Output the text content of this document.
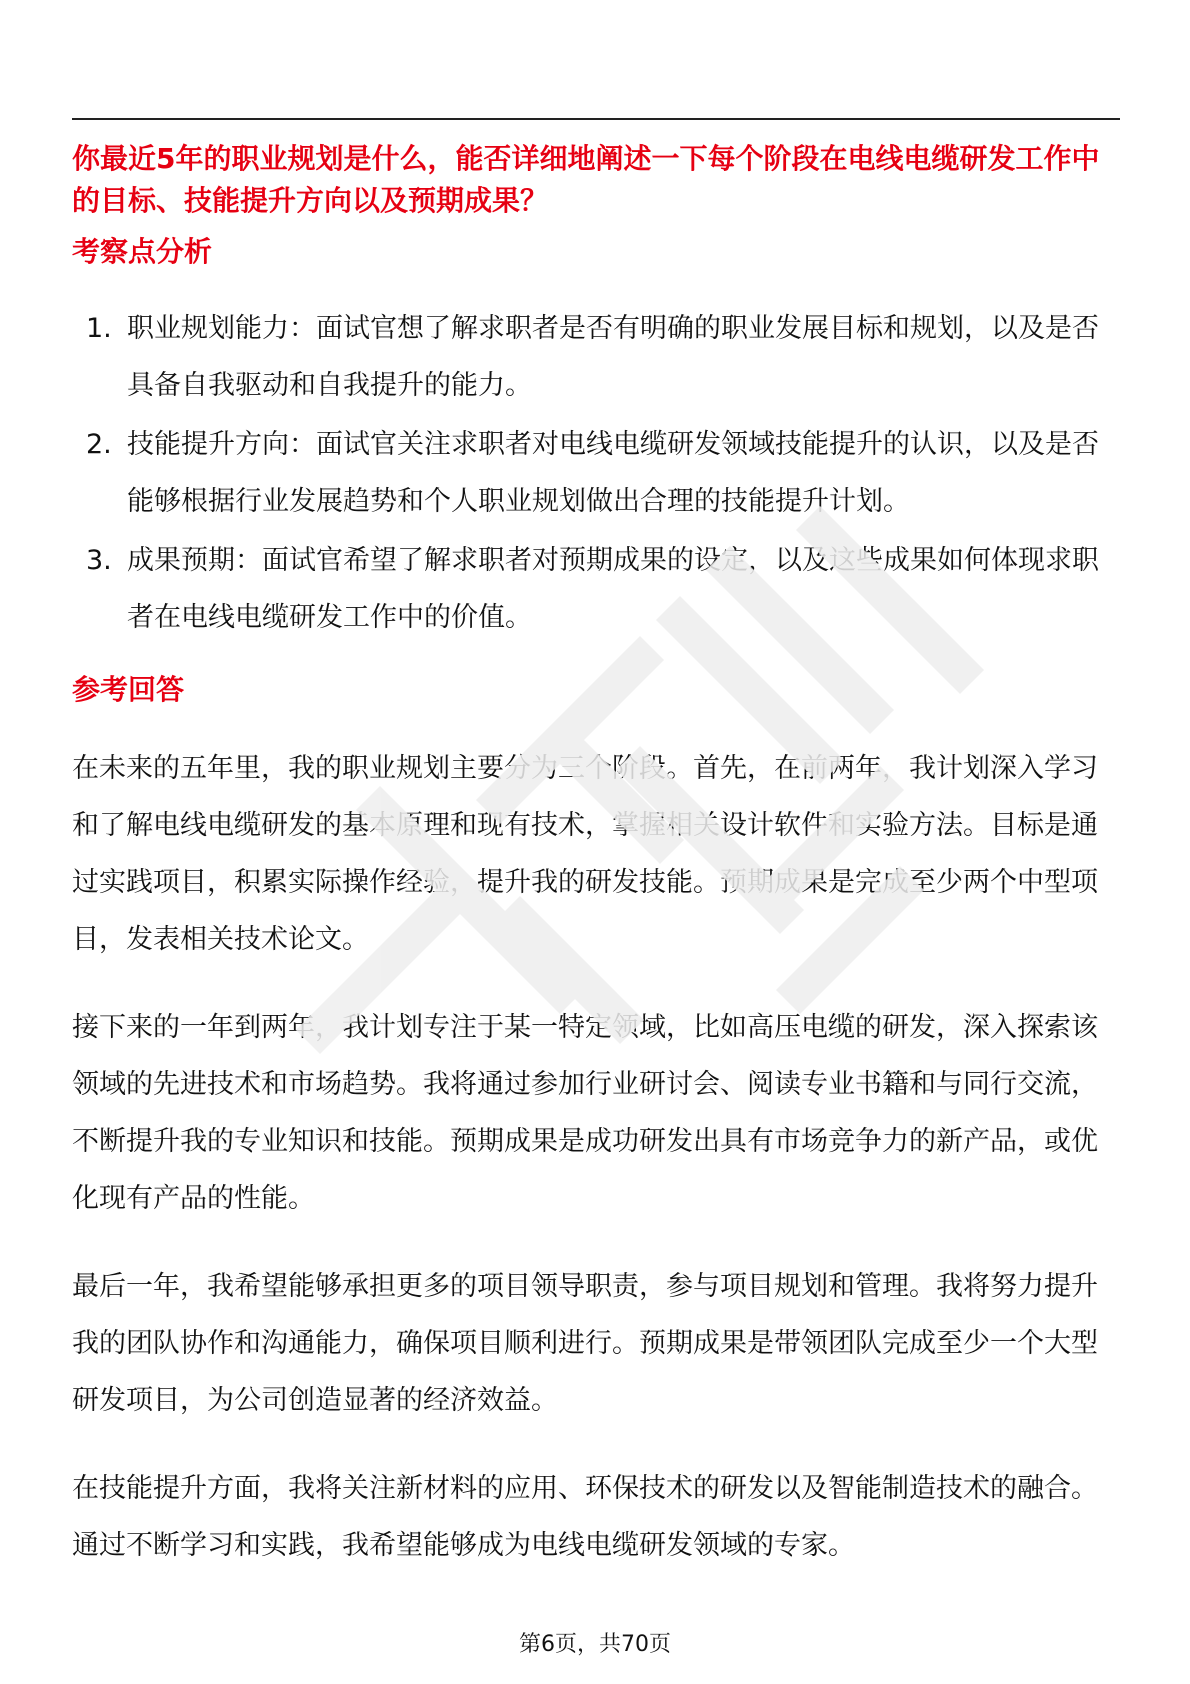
你最近5年的职业规划是什么，能否详细地阐述一下每个阶段在电线电缆研发工作中的目标、技能提升方向以及预期成果？

考察点分析
1. 职业规划能力：面试官想了解求职者是否有明确的职业发展目标和规划，以及是否具备自我驱动和自我提升的能力。
2. 技能提升方向：面试官关注求职者对电线电缆研发领域技能提升的认识，以及是否能够根据行业发展趋势和个人职业规划做出合理的技能提升计划。
3. 成果预期：面试官希望了解求职者对预期成果的设定，以及这些成果如何体现求职者在电线电缆研发工作中的价值。
参考回答

在未来的五年里，我的职业规划主要分为三个阶段。首先，在前两年，我计划深入学习和了解电线电缆研发的基本原理和现有技术，掌握相关设计软件和实验方法。目标是通过实践项目，积累实际操作经验，提升我的研发技能。预期成果是完成至少两个中型项目，发表相关技术论文。

接下来的一年到两年，我计划专注于某一特定领域，比如高压电缆的研发，深入探索该领域的先进技术和市场趋势。我将通过参加行业研讨会、阅读专业书籍和与同行交流，不断提升我的专业知识和技能。预期成果是成功研发出具有市场竞争力的新产品，或优化现有产品的性能。

最后一年，我希望能够承担更多的项目领导职责，参与项目规划和管理。我将努力提升我的团队协作和沟通能力，确保项目顺利进行。预期成果是带领团队完成至少一个大型研发项目，为公司创造显著的经济效益。

在技能提升方面，我将关注新材料的应用、环保技术的研发以及智能制造技术的融合。通过不断学习和实践，我希望能够成为电线电缆研发领域的专家。

第6页，共70页
